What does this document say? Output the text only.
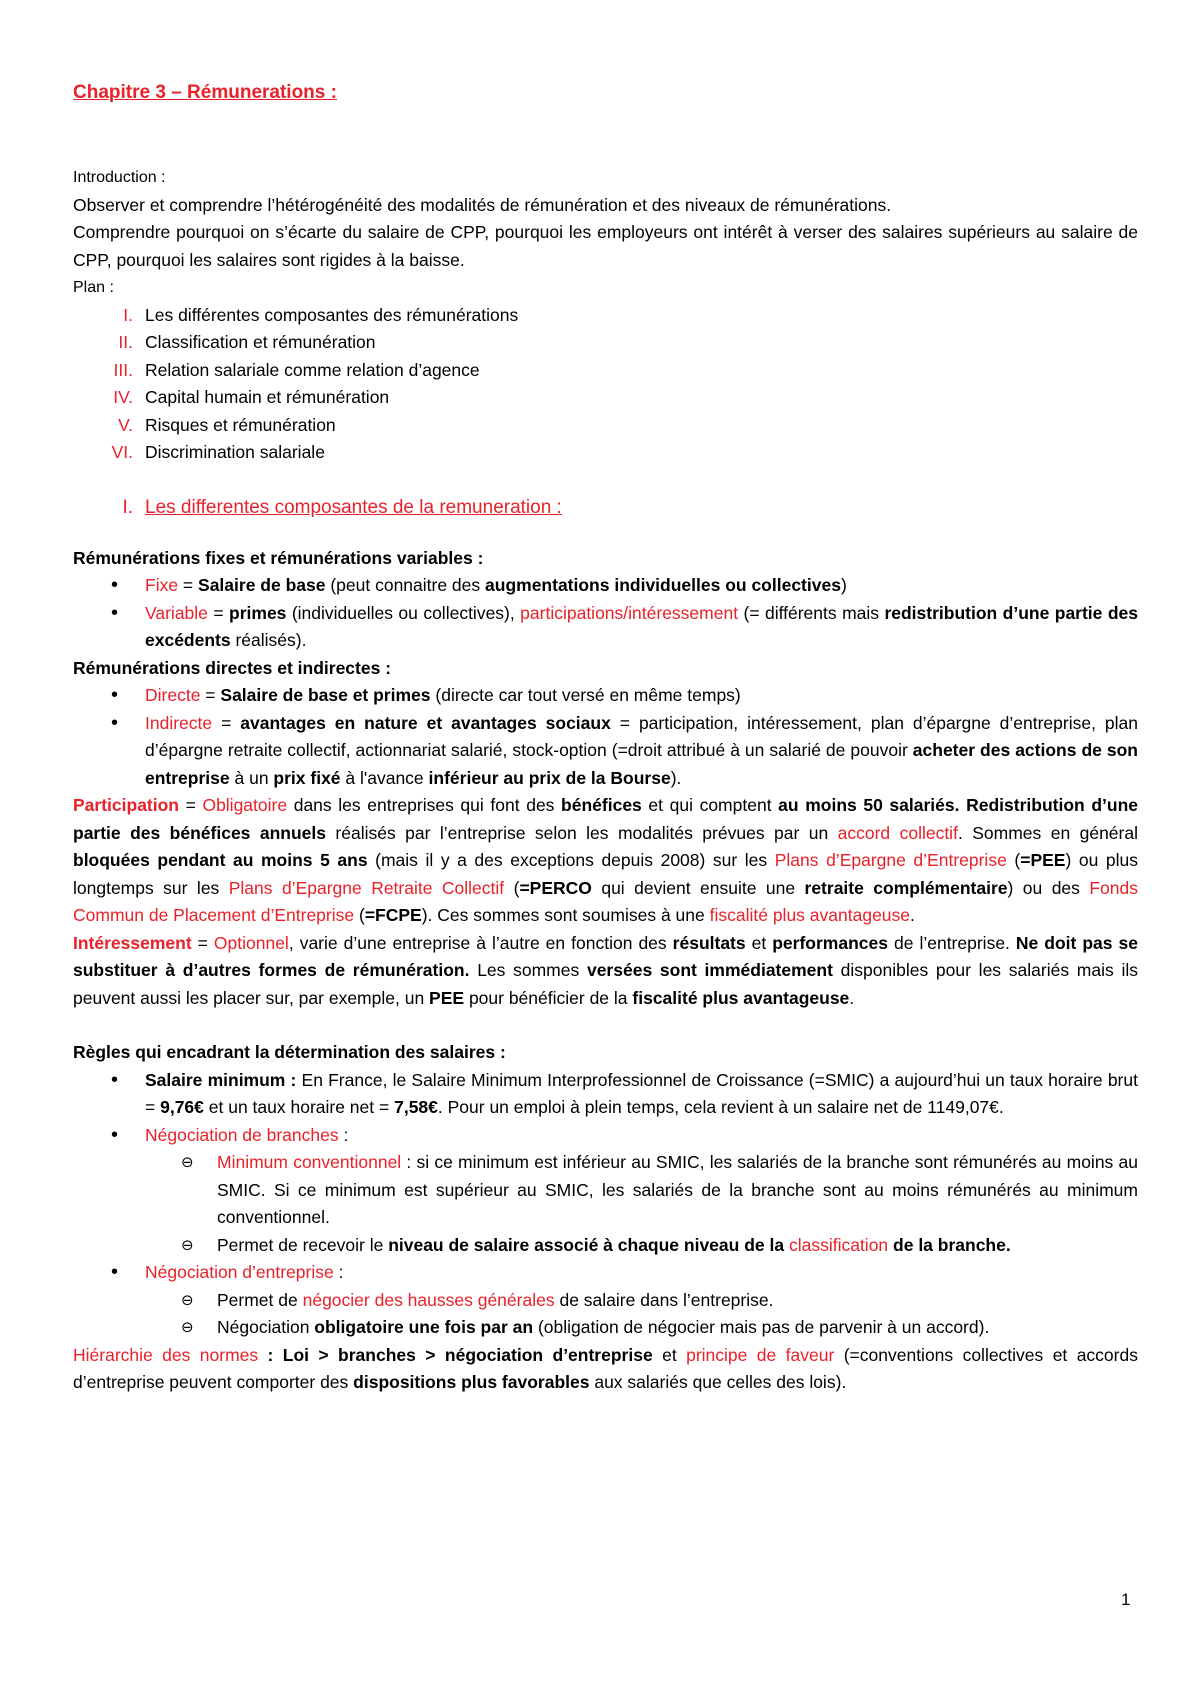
Chapitre 3 – Rémunerations :
Introduction :

Observer et comprendre l’hétérogénéité des modalités de rémunération et des niveaux de rémunérations.

Comprendre pourquoi on s’écarte du salaire de CPP, pourquoi les employeurs ont intérêt à verser des salaires supérieurs au salaire de CPP, pourquoi les salaires sont rigides à la baisse.

Plan :
I. Les différentes composantes des rémunérations
II. Classification et rémunération
III. Relation salariale comme relation d’agence
IV. Capital humain et rémunération
V. Risques et rémunération
VI. Discrimination salariale
I. Les differentes composantes de la remuneration :
Rémunérations fixes et rémunérations variables :
• Fixe = Salaire de base (peut connaitre des augmentations individuelles ou collectives)
• Variable = primes (individuelles ou collectives), participations/intéressement (= différents mais redistribution d’une partie des excédents réalisés).
Rémunérations directes et indirectes :
• Directe = Salaire de base et primes (directe car tout versé en même temps)
• Indirecte = avantages en nature et avantages sociaux = participation, intéressement, plan d’épargne d’entreprise, plan d’épargne retraite collectif, actionnariat salarié, stock-option (=droit attribué à un salarié de pouvoir acheter des actions de son entreprise à un prix fixé à l'avance inférieur au prix de la Bourse).

Participation = Obligatoire dans les entreprises qui font des bénéfices et qui comptent au moins 50 salariés. Redistribution d’une partie des bénéfices annuels réalisés par l’entreprise selon les modalités prévues par un accord collectif. Sommes en général bloquées pendant au moins 5 ans (mais il y a des exceptions depuis 2008) sur les Plans d’Epargne d’Entreprise (=PEE) ou plus longtemps sur les Plans d’Epargne Retraite Collectif (=PERCO qui devient ensuite une retraite complémentaire) ou des Fonds Commun de Placement d’Entreprise (=FCPE). Ces sommes sont soumises à une fiscalité plus avantageuse.

Intéressement = Optionnel, varie d’une entreprise à l’autre en fonction des résultats et performances de l’entreprise. Ne doit pas se substituer à d’autres formes de rémunération. Les sommes versées sont immédiatement disponibles pour les salariés mais ils peuvent aussi les placer sur, par exemple, un PEE pour bénéficier de la fiscalité plus avantageuse.

Règles qui encadrant la détermination des salaires :
• Salaire minimum : En France, le Salaire Minimum Interprofessionnel de Croissance (=SMIC) a aujourd’hui un taux horaire brut = 9,76€ et un taux horaire net = 7,58€. Pour un emploi à plein temps, cela revient à un salaire net de 1149,07€.
• Négociation de branches :
⊖ Minimum conventionnel : si ce minimum est inférieur au SMIC, les salariés de la branche sont rémunérés au moins au SMIC. Si ce minimum est supérieur au SMIC, les salariés de la branche sont au moins rémunérés au minimum conventionnel.
⊖ Permet de recevoir le niveau de salaire associé à chaque niveau de la classification de la branche.
• Négociation d’entreprise :
⊖ Permet de négocier des hausses générales de salaire dans l’entreprise.
⊖ Négociation obligatoire une fois par an (obligation de négocier mais pas de parvenir à un accord).

Hiérarchie des normes : Loi > branches > négociation d’entreprise et principe de faveur (=conventions collectives et accords d’entreprise peuvent comporter des dispositions plus favorables aux salariés que celles des lois).

1
